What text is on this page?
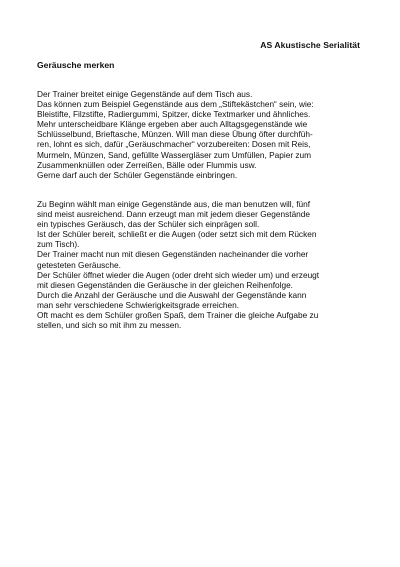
AS Akustische Serialität
Geräusche merken

Der Trainer breitet einige Gegenstände auf dem Tisch aus.
Das können zum Beispiel Gegenstände aus dem „Stiftekästchen“ sein, wie:
Bleistifte, Filzstifte, Radiergummi, Spitzer, dicke Textmarker und ähnliches.
Mehr unterscheidbare Klänge ergeben aber auch Alltagsgegenstände wie
Schlüsselbund, Brieftasche, Münzen. Will man diese Übung öfter durchfüh-
ren, lohnt es sich, dafür „Geräuschmacher“ vorzubereiten: Dosen mit Reis,
Murmeln, Münzen, Sand, gefüllte Wassergläser zum Umfüllen, Papier zum
Zusammenknüllen oder Zerreißen, Bälle oder Flummis usw.
Gerne darf auch der Schüler Gegenstände einbringen.

Zu Beginn wählt man einige Gegenstände aus, die man benutzen will, fünf
sind meist ausreichend. Dann erzeugt man mit jedem dieser Gegenstände
ein typisches Geräusch, das der Schüler sich einprägen soll.
Ist der Schüler bereit, schließt er die Augen (oder setzt sich mit dem Rücken
zum Tisch).
Der Trainer macht nun mit diesen Gegenständen nacheinander die vorher
getesteten Geräusche.
Der Schüler öffnet wieder die Augen (oder dreht sich wieder um) und erzeugt
mit diesen Gegenständen die Geräusche in der gleichen Reihenfolge.
Durch die Anzahl der Geräusche und die Auswahl der Gegenstände kann
man sehr verschiedene Schwierigkeitsgrade erreichen.
Oft macht es dem Schüler großen Spaß, dem Trainer die gleiche Aufgabe zu
stellen, und sich so mit ihm zu messen.
